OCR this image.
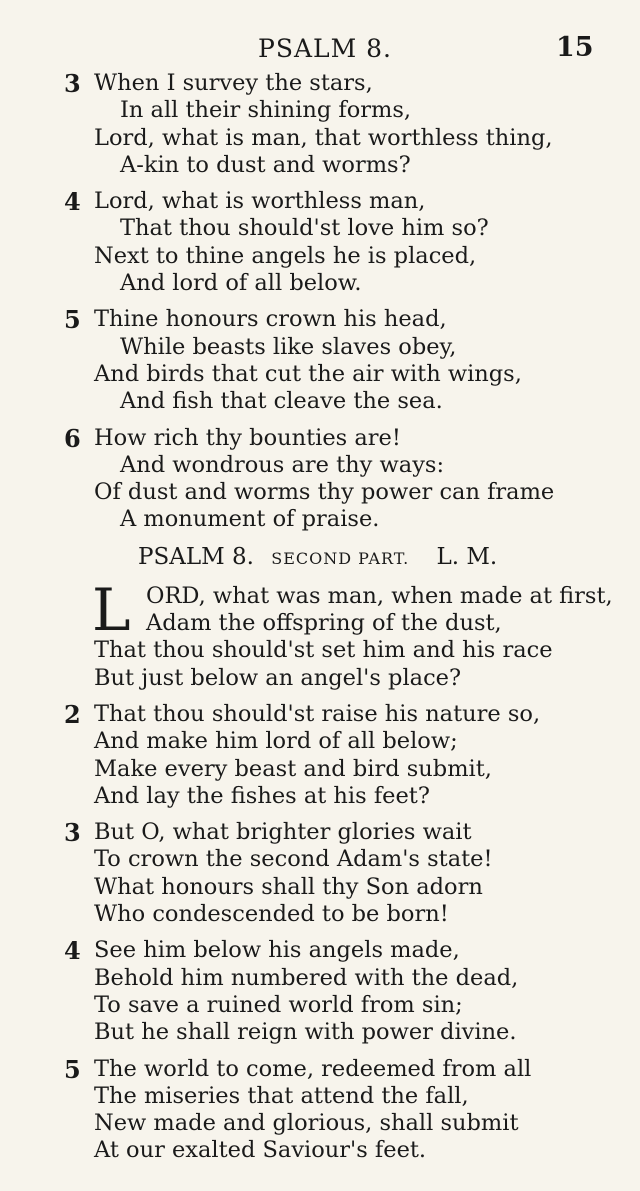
PSALM 8.	15
3 When I survey the stars,
In all their shining forms,
Lord, what is man, that worthless thing,
A-kin to dust and worms?
4 Lord, what is worthless man,
That thou should'st love him so?
Next to thine angels he is placed,
And lord of all below.
5 Thine honours crown his head,
While beasts like slaves obey,
And birds that cut the air with wings,
And fish that cleave the sea.
6 How rich thy bounties are!
And wondrous are thy ways:
Of dust and worms thy power can frame
A monument of praise.
PSALM 8. SECOND PART. L. M.
L ORD, what was man, when made at first,
Adam the offspring of the dust,
That thou should'st set him and his race
But just below an angel's place?
2 That thou should'st raise his nature so,
And make him lord of all below;
Make every beast and bird submit,
And lay the fishes at his feet?
3 But O, what brighter glories wait
To crown the second Adam's state!
What honours shall thy Son adorn
Who condescended to be born!
4 See him below his angels made,
Behold him numbered with the dead,
To save a ruined world from sin;
But he shall reign with power divine.
5 The world to come, redeemed from all
The miseries that attend the fall,
New made and glorious, shall submit
At our exalted Saviour's feet.
